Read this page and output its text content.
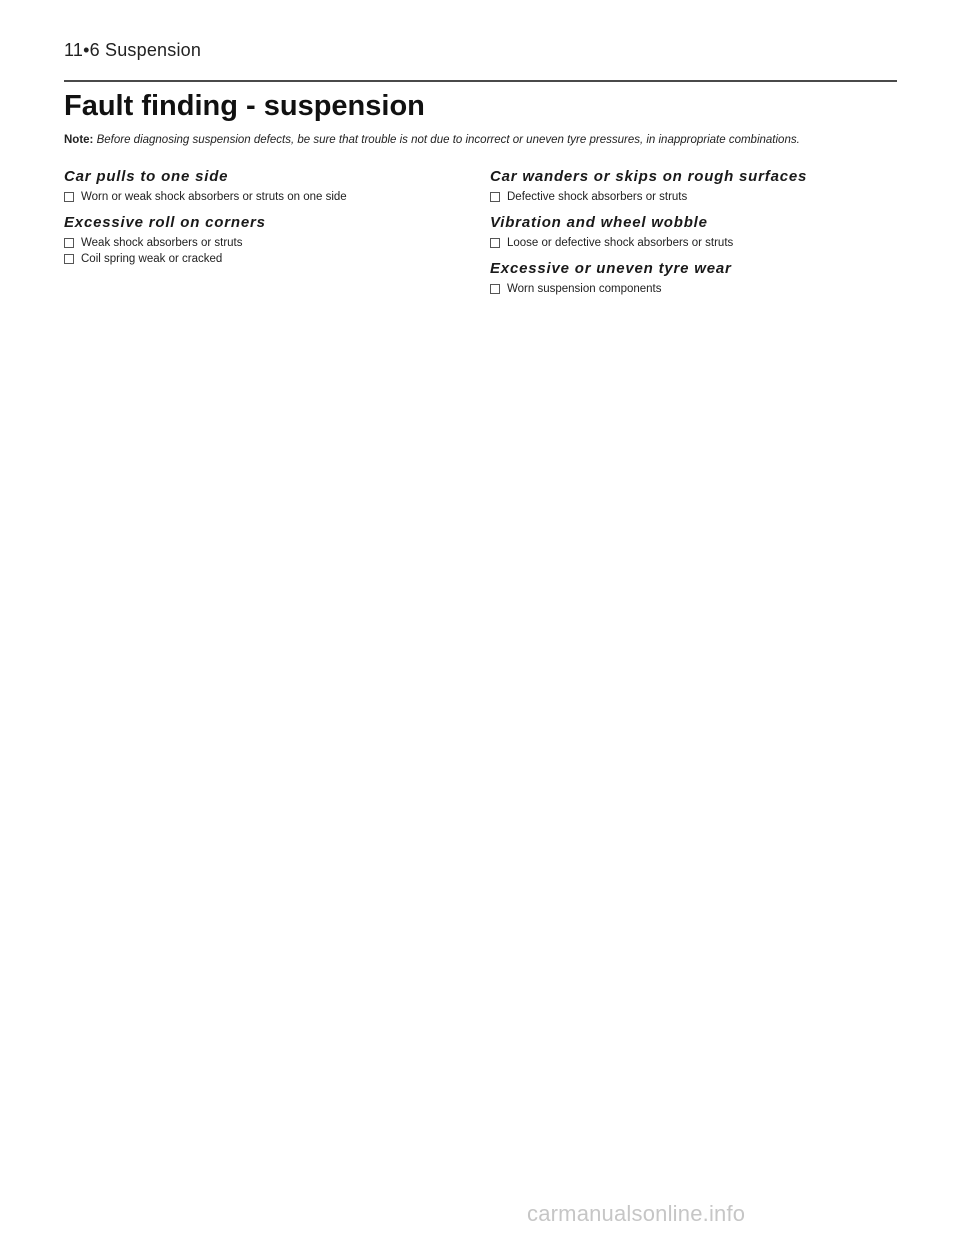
11•6 Suspension
Fault finding - suspension
Note: Before diagnosing suspension defects, be sure that trouble is not due to incorrect or uneven tyre pressures, in inappropriate combinations.
Car pulls to one side
Worn or weak shock absorbers or struts on one side
Excessive roll on corners
Weak shock absorbers or struts
Coil spring weak or cracked
Car wanders or skips on rough surfaces
Defective shock absorbers or struts
Vibration and wheel wobble
Loose or defective shock absorbers or struts
Excessive or uneven tyre wear
Worn suspension components
carmanualsonline.info
